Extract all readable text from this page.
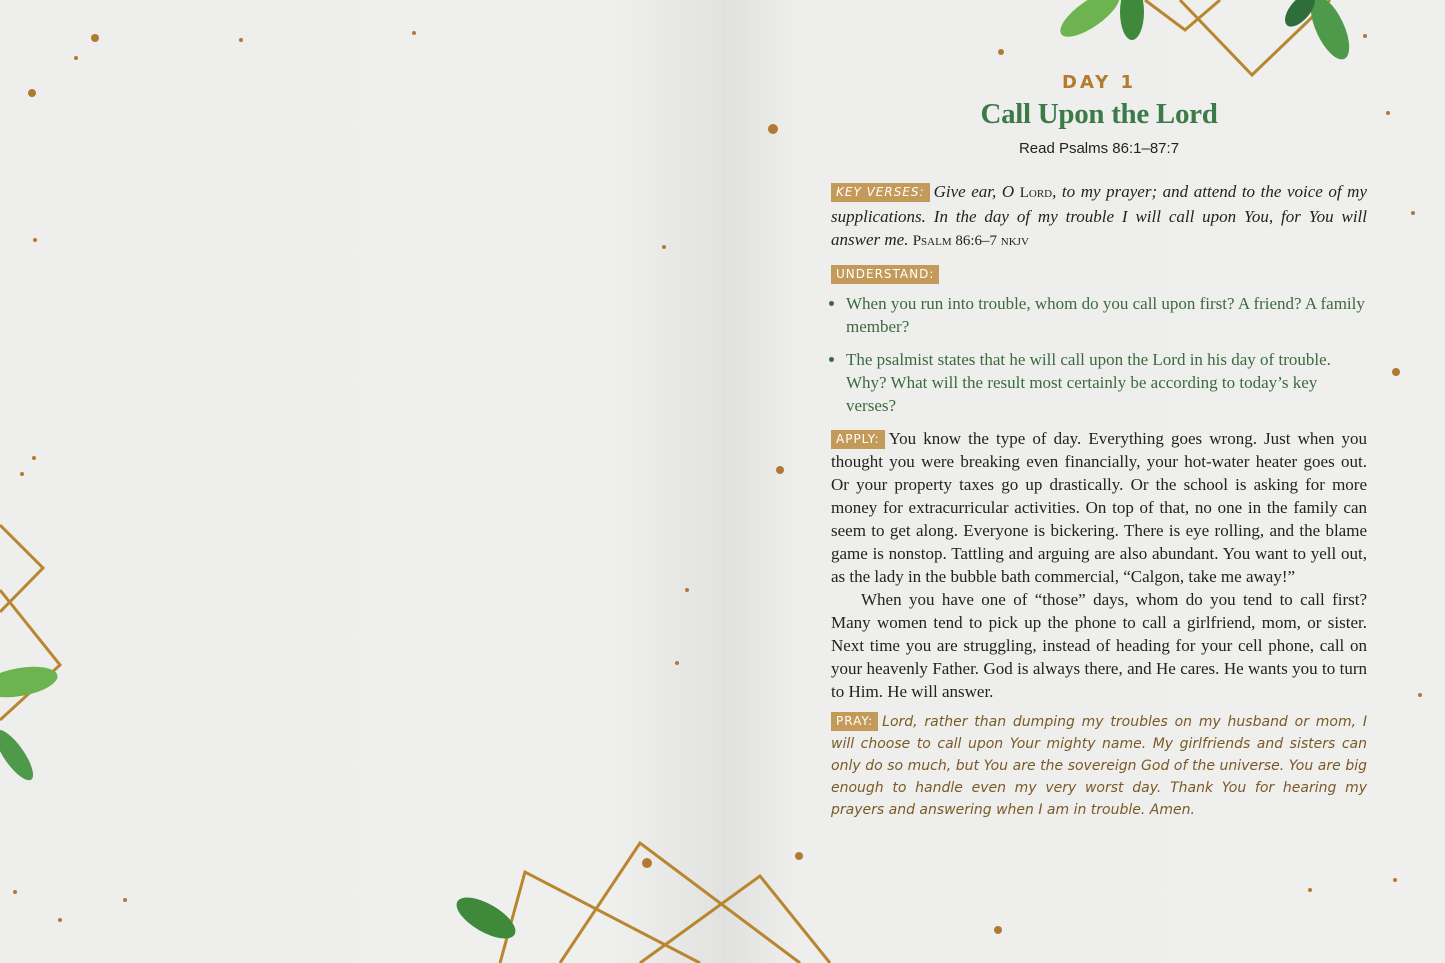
DAY 1
Call Upon the Lord
Read Psalms 86:1–87:7

KEY VERSES: Give ear, O Lord, to my prayer; and attend to the voice of my supplications. In the day of my trouble I will call upon You, for You will answer me. Psalm 86:6–7 nkjv

UNDERSTAND:
• When you run into trouble, whom do you call upon first? A friend? A family member?
• The psalmist states that he will call upon the Lord in his day of trouble. Why? What will the result most certainly be according to today’s key verses?

APPLY: You know the type of day. Everything goes wrong. Just when you thought you were breaking even financially, your hot-water heater goes out. Or your property taxes go up drastically. Or the school is asking for more money for extracurricular activities. On top of that, no one in the family can seem to get along. Everyone is bickering. There is eye rolling, and the blame game is nonstop. Tattling and arguing are also abundant. You want to yell out, as the lady in the bubble bath commercial, “Calgon, take me away!”

When you have one of “those” days, whom do you tend to call first? Many women tend to pick up the phone to call a girlfriend, mom, or sister. Next time you are struggling, instead of heading for your cell phone, call on your heavenly Father. God is always there, and He cares. He wants you to turn to Him. He will answer.

PRAY: Lord, rather than dumping my troubles on my husband or mom, I will choose to call upon Your mighty name. My girlfriends and sisters can only do so much, but You are the sovereign God of the universe. You are big enough to handle even my very worst day. Thank You for hearing my prayers and answering when I am in trouble. Amen.
